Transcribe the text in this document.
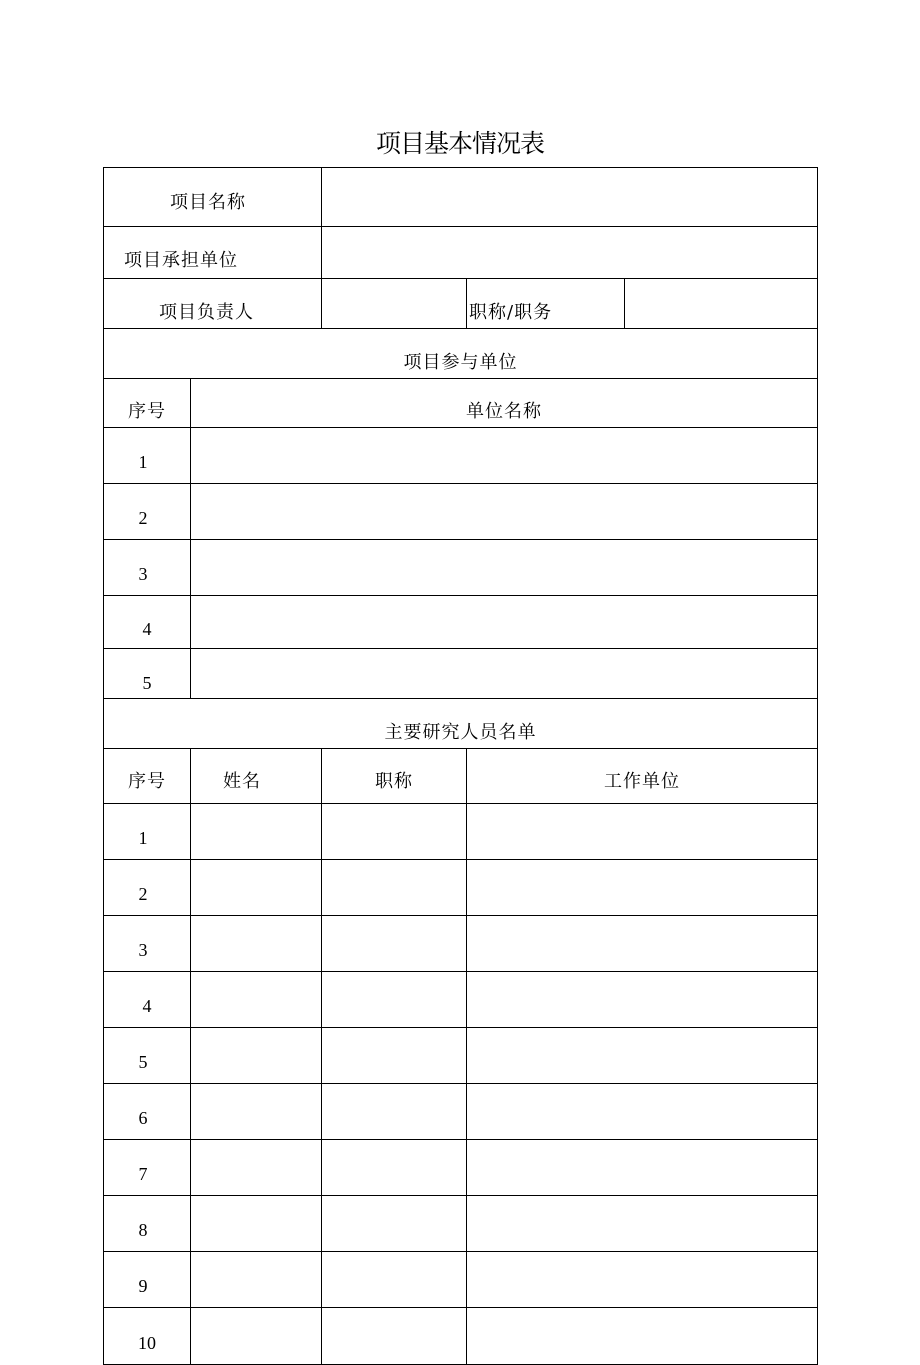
项目基本情况表
项目名称				
项目承担单位				
项目负责人			职称/职务	
项目参与单位				
序号	单位名称			
1				
2				
3				
4				
5				
主要研究人员名单				
序号	姓名	职称	工作单位	
1				
2				
3				
4				
5				
6				
7				
8				
9				
10				
